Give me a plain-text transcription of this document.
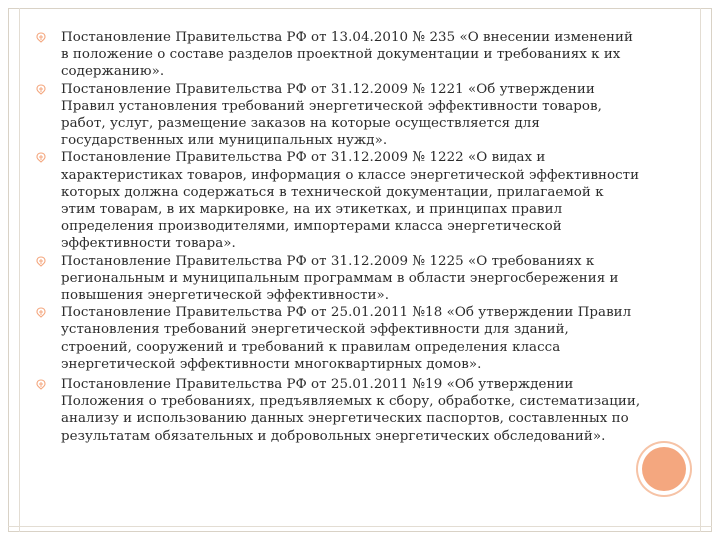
Постановление Правительства РФ от 13.04.2010 № 235 «О внесении изменений в положение о составе разделов проектной документации и требованиях к их содержанию».
Постановление Правительства РФ от 31.12.2009 № 1221 «Об утверждении Правил установления требований энергетической эффективности товаров, работ, услуг, размещение заказов на которые осуществляется для государственных или муниципальных нужд».
Постановление Правительства РФ от 31.12.2009 № 1222 «О видах и характеристиках товаров, информация о классе энергетической эффективности которых должна содержаться в технической документации, прилагаемой к этим товарам, в их маркировке, на их этикетках, и принципах правил определения производителями, импортерами класса энергетической эффективности товара».
Постановление Правительства РФ от 31.12.2009 № 1225 «О требованиях к региональным и муниципальным программам в области энергосбережения и повышения энергетической эффективности».
Постановление Правительства РФ от 25.01.2011 №18 «Об утверждении Правил установления требований энергетической эффективности для зданий, строений, сооружений и требований к правилам определения класса энергетической эффективности многоквартирных домов».
Постановление Правительства РФ от 25.01.2011 №19 «Об утверждении Положения о требованиях, предъявляемых к сбору, обработке, систематизации, анализу и использованию данных энергетических паспортов, составленных по результатам обязательных и добровольных энергетических обследований».
